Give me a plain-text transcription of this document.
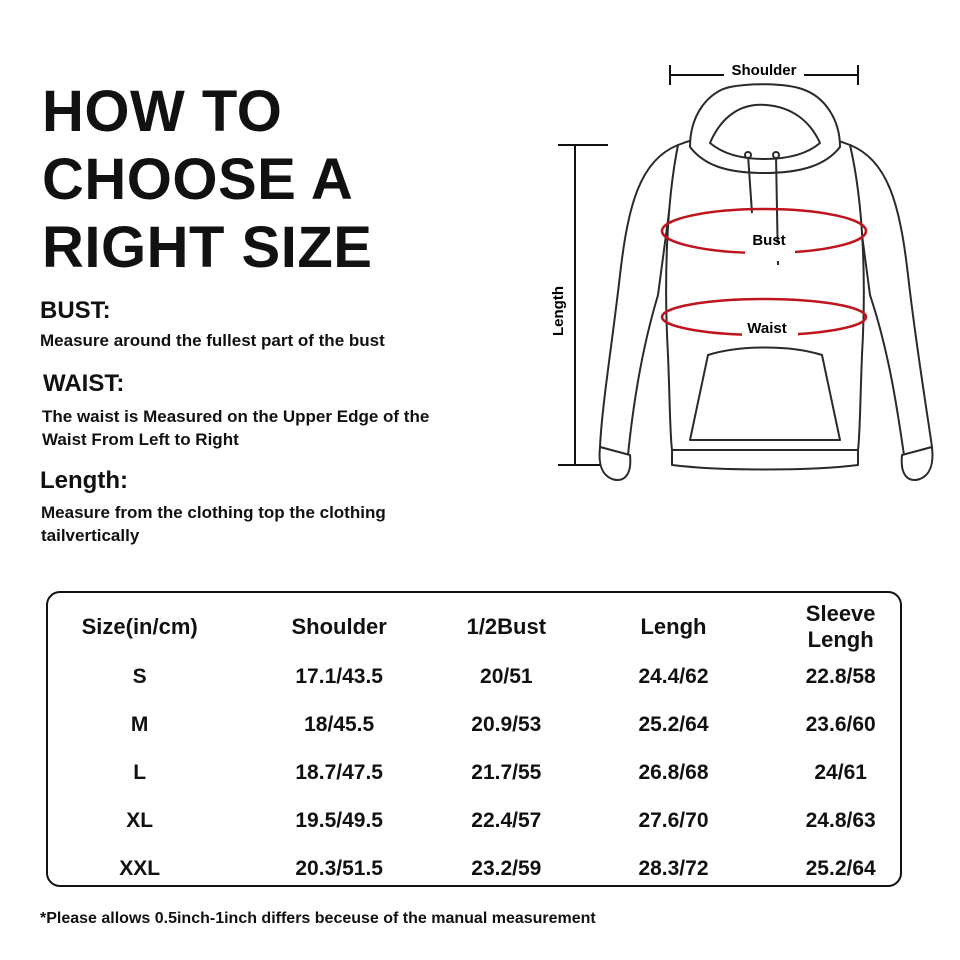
HOW TO
CHOOSE A
RIGHT SIZE
BUST:
Measure around the fullest part of the bust
WAIST:
The waist is Measured on the Upper Edge of the
Waist From Left to Right
Length:
Measure from the clothing top the clothing
tailvertically
Shoulder
Length
Bust
Waist
Size(in/cm)	Shoulder	1/2Bust	Lengh	Sleeve Lengh
S	17.1/43.5	20/51	24.4/62	22.8/58
M	18/45.5	20.9/53	25.2/64	23.6/60
L	18.7/47.5	21.7/55	26.8/68	24/61
XL	19.5/49.5	22.4/57	27.6/70	24.8/63
XXL	20.3/51.5	23.2/59	28.3/72	25.2/64
*Please allows 0.5inch-1inch differs beceuse of the manual measurement
